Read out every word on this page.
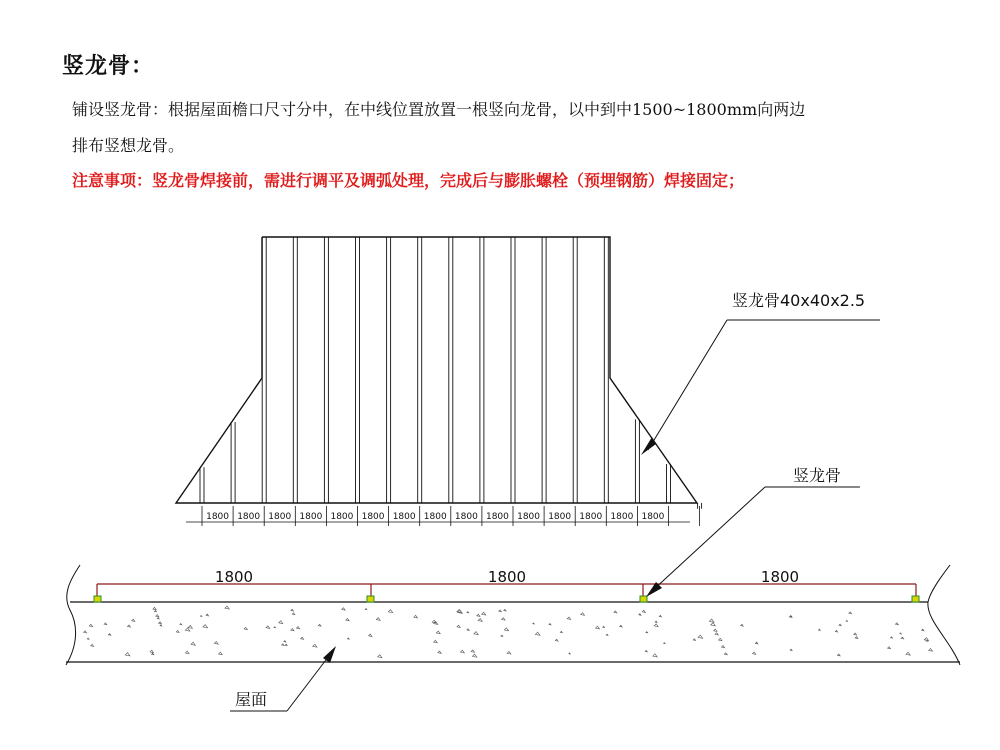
竖龙骨：
铺设竖龙骨：根据屋面檐口尺寸分中，在中线位置放置一根竖向龙骨，以中到中1500~1800mm向两边
排布竖想龙骨。
注意事项：竖龙骨焊接前，需进行调平及调弧处理，完成后与膨胀螺栓（预埋钢筋）焊接固定；
1800 1800 1800 1800 1800 1800 1800 1800 1800 1800 1800 1800 1800 1800 1800
竖龙骨40x40x2.5
1800	1800	1800
竖龙骨
屋面
